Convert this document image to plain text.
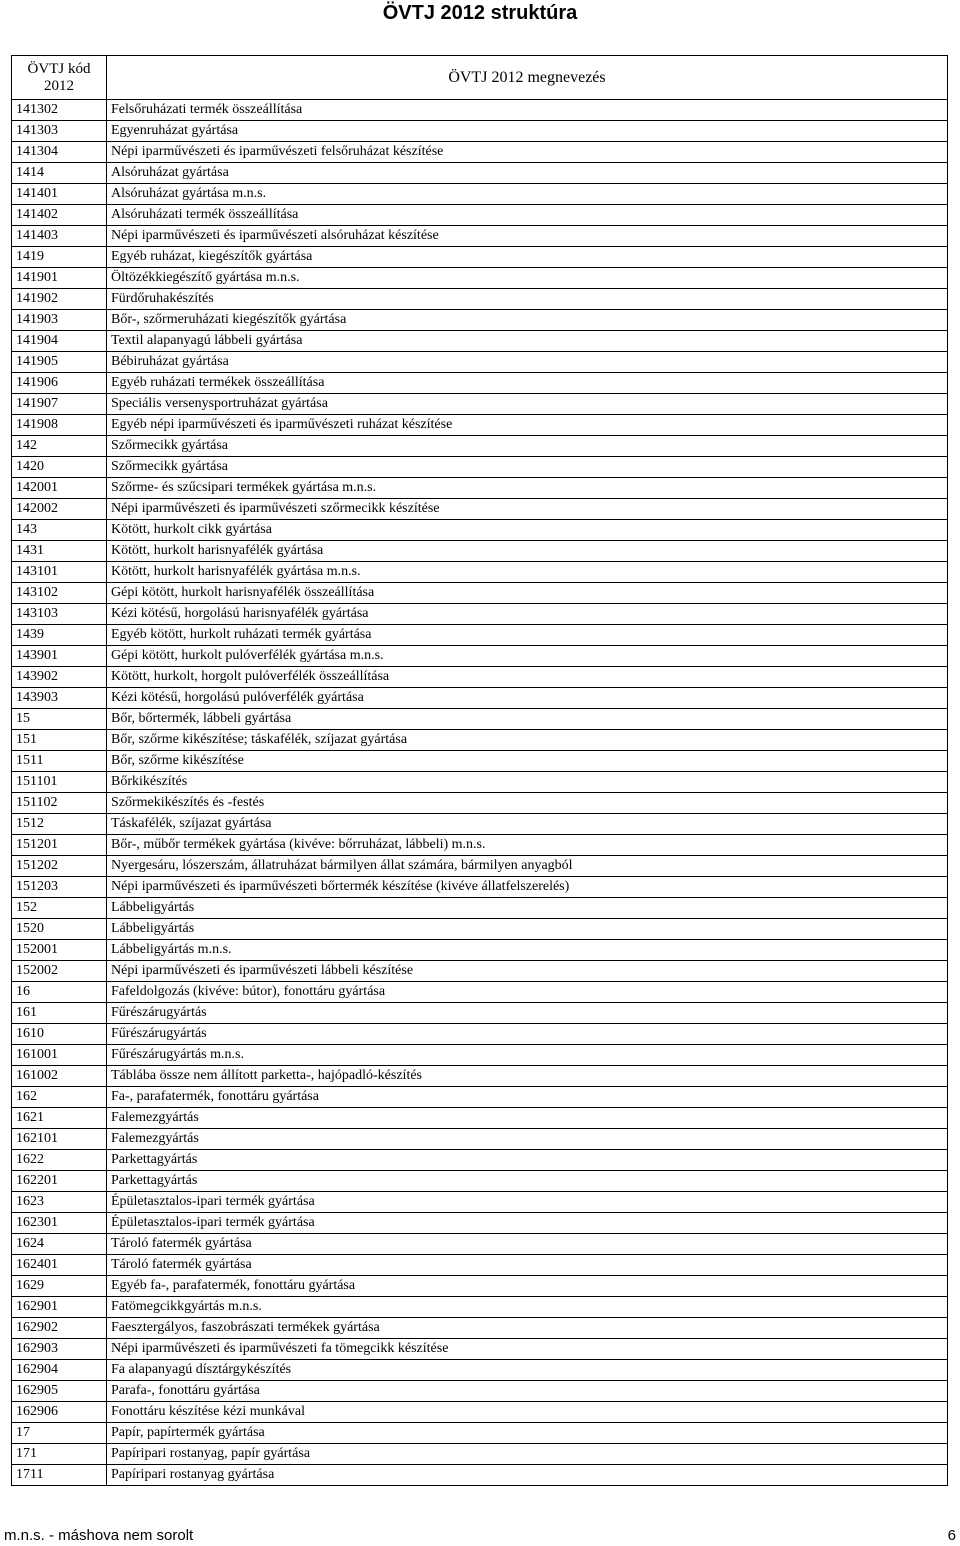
ÖVTJ 2012 struktúra
ÖVTJ kód
2012	ÖVTJ 2012 megnevezés
141302	Felsőruházati termék összeállítása
141303	Egyenruházat gyártása
141304	Népi iparművészeti és iparművészeti felsőruházat készítése
1414	Alsóruházat gyártása
141401	Alsóruházat gyártása m.n.s.
141402	Alsóruházati termék összeállítása
141403	Népi iparművészeti és iparművészeti alsóruházat készítése
1419	Egyéb ruházat, kiegészítők gyártása
141901	Öltözékkiegészítő gyártása m.n.s.
141902	Fürdőruhakészítés
141903	Bőr-, szőrmeruházati kiegészítők gyártása
141904	Textil alapanyagú lábbeli gyártása
141905	Bébiruházat gyártása
141906	Egyéb ruházati termékek összeállítása
141907	Speciális versenysportruházat gyártása
141908	Egyéb népi iparművészeti és iparművészeti ruházat készítése
142	Szőrmecikk gyártása
1420	Szőrmecikk gyártása
142001	Szőrme- és szűcsipari termékek gyártása m.n.s.
142002	Népi iparművészeti és iparművészeti szőrmecikk készítése
143	Kötött, hurkolt cikk gyártása
1431	Kötött, hurkolt harisnyafélék gyártása
143101	Kötött, hurkolt harisnyafélék gyártása m.n.s.
143102	Gépi kötött, hurkolt harisnyafélék összeállítása
143103	Kézi kötésű, horgolású harisnyafélék gyártása
1439	Egyéb kötött, hurkolt ruházati termék gyártása
143901	Gépi kötött, hurkolt pulóverfélék gyártása m.n.s.
143902	Kötött, hurkolt, horgolt pulóverfélék összeállítása
143903	Kézi kötésű, horgolású pulóverfélék gyártása
15	Bőr, bőrtermék, lábbeli gyártása
151	Bőr, szőrme kikészítése; táskafélék, szíjazat gyártása
1511	Bőr, szőrme kikészítése
151101	Bőrkikészítés
151102	Szőrmekikészítés és -festés
1512	Táskafélék, szíjazat gyártása
151201	Bőr-, műbőr termékek gyártása (kivéve: bőrruházat, lábbeli) m.n.s.
151202	Nyergesáru, lószerszám, állatruházat bármilyen állat számára, bármilyen anyagból
151203	Népi iparművészeti és iparművészeti bőrtermék készítése (kivéve állatfelszerelés)
152	Lábbeligyártás
1520	Lábbeligyártás
152001	Lábbeligyártás m.n.s.
152002	Népi iparművészeti és iparművészeti lábbeli készítése
16	Fafeldolgozás (kivéve: bútor), fonottáru gyártása
161	Fűrészárugyártás
1610	Fűrészárugyártás
161001	Fűrészárugyártás m.n.s.
161002	Táblába össze nem állított parketta-, hajópadló-készítés
162	Fa-, parafatermék, fonottáru gyártása
1621	Falemezgyártás
162101	Falemezgyártás
1622	Parkettagyártás
162201	Parkettagyártás
1623	Épületasztalos-ipari termék gyártása
162301	Épületasztalos-ipari termék gyártása
1624	Tároló fatermék gyártása
162401	Tároló fatermék gyártása
1629	Egyéb fa-, parafatermék, fonottáru gyártása
162901	Fatömegcikkgyártás m.n.s.
162902	Faesztergályos, faszobrászati termékek gyártása
162903	Népi iparművészeti és iparművészeti fa tömegcikk készítése
162904	Fa alapanyagú dísztárgykészítés
162905	Parafa-, fonottáru gyártása
162906	Fonottáru készítése kézi munkával
17	Papír, papírtermék gyártása
171	Papíripari rostanyag, papír gyártása
1711	Papíripari rostanyag gyártása
m.n.s. - máshova nem sorolt	6
